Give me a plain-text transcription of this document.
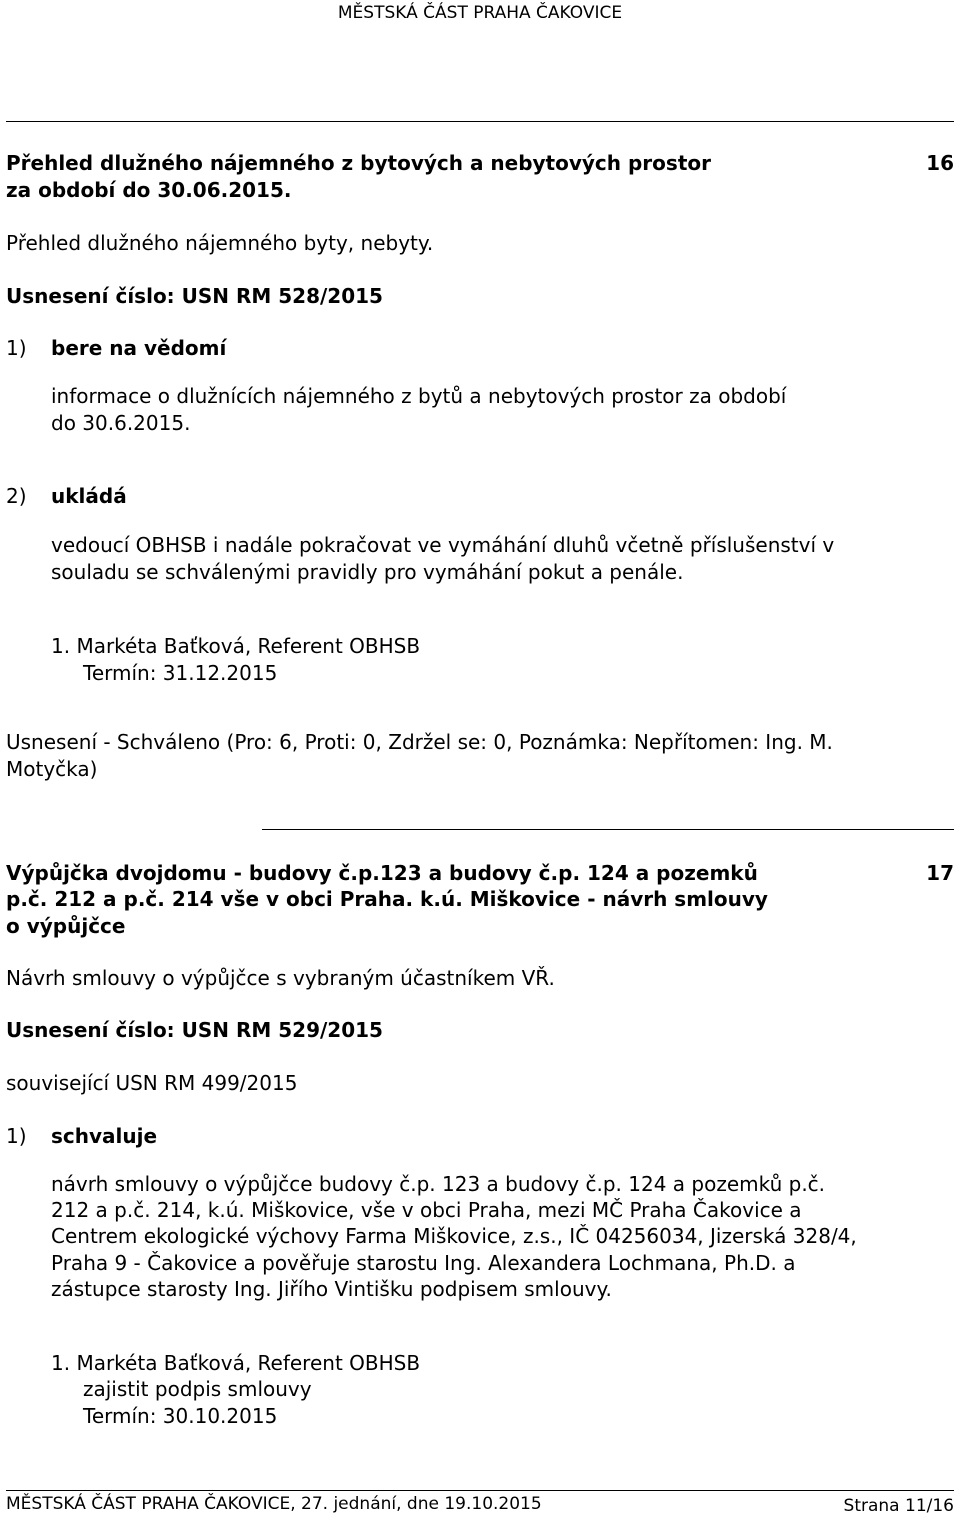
MĚSTSKÁ ČÁST PRAHA ČAKOVICE
Přehled dlužného nájemného z bytových a nebytových prostor
za období do 30.06.2015.
16
Přehled dlužného nájemného byty, nebyty.
Usnesení číslo: USN RM 528/2015
1) bere na vědomí
informace o dlužnících nájemného z bytů a nebytových prostor za období
do 30.6.2015.
2) ukládá
vedoucí OBHSB i nadále pokračovat ve vymáhání dluhů včetně příslušenství v
souladu se schválenými pravidly pro vymáhání pokut a penále.
1. Markéta Baťková, Referent OBHSB
Termín: 31.12.2015
Usnesení - Schváleno (Pro: 6, Proti: 0, Zdržel se: 0, Poznámka: Nepřítomen: Ing. M.
Motyčka)
Výpůjčka dvojdomu - budovy č.p.123 a budovy č.p. 124 a pozemků
p.č. 212 a p.č. 214 vše v obci Praha. k.ú. Miškovice - návrh smlouvy
o výpůjčce
17
Návrh smlouvy o výpůjčce s vybraným účastníkem VŘ.
Usnesení číslo: USN RM 529/2015
související USN RM 499/2015
1) schvaluje
návrh smlouvy o výpůjčce budovy č.p. 123 a budovy č.p. 124 a pozemků p.č.
212 a p.č. 214, k.ú. Miškovice, vše v obci Praha, mezi MČ Praha Čakovice a
Centrem ekologické výchovy Farma Miškovice, z.s., IČ 04256034, Jizerská 328/4,
Praha 9 - Čakovice a pověřuje starostu Ing. Alexandera Lochmana, Ph.D. a
zástupce starosty Ing. Jiřího Vintišku podpisem smlouvy.
1. Markéta Baťková, Referent OBHSB
zajistit podpis smlouvy
Termín: 30.10.2015
MĚSTSKÁ ČÁST PRAHA ČAKOVICE, 27. jednání, dne 19.10.2015	Strana 11/16
